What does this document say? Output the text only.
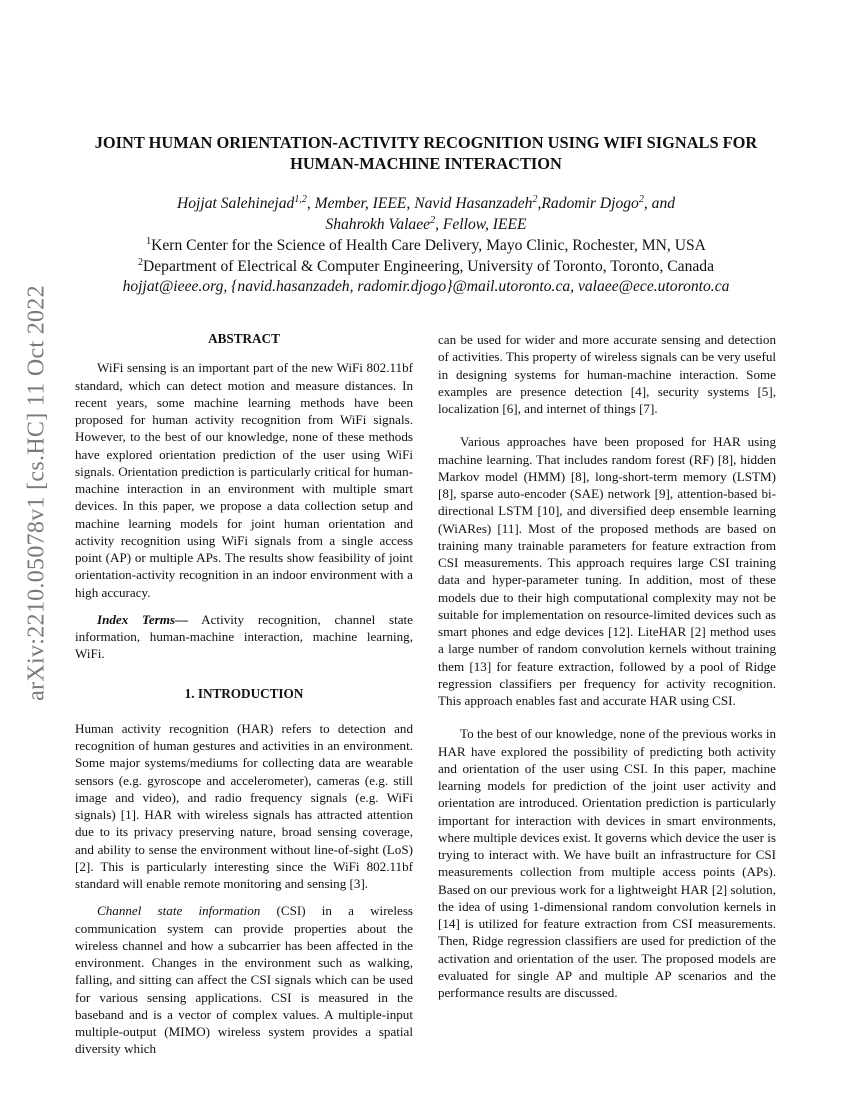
arXiv:2210.05078v1 [cs.HC] 11 Oct 2022
JOINT HUMAN ORIENTATION-ACTIVITY RECOGNITION USING WIFI SIGNALS FOR HUMAN-MACHINE INTERACTION
Hojjat Salehinejad$^{1,2}$, Member, IEEE, Navid Hasanzadeh$^2$,Radomir Djogo$^2$, and
Shahrokh Valaee$^2$, Fellow, IEEE
$^1$Kern Center for the Science of Health Care Delivery, Mayo Clinic, Rochester, MN, USA
$^2$Department of Electrical & Computer Engineering, University of Toronto, Toronto, Canada
hojjat@ieee.org, {navid.hasanzadeh, radomir.djogo}@mail.utoronto.ca, valaee@ece.utoronto.ca
ABSTRACT

WiFi sensing is an important part of the new WiFi 802.11bf standard, which can detect motion and measure distances. In recent years, some machine learning methods have been proposed for human activity recognition from WiFi signals. However, to the best of our knowledge, none of these methods have explored orientation prediction of the user using WiFi signals. Orientation prediction is particularly critical for human-machine interaction in an environment with multiple smart devices. In this paper, we propose a data collection setup and machine learning models for joint human orientation and activity recognition using WiFi signals from a single access point (AP) or multiple APs. The results show feasibility of joint orientation-activity recognition in an indoor environment with a high accuracy.

Index Terms— Activity recognition, channel state information, human-machine interaction, machine learning, WiFi.

1. INTRODUCTION

Human activity recognition (HAR) refers to detection and recognition of human gestures and activities in an environment. Some major systems/mediums for collecting data are wearable sensors (e.g. gyroscope and accelerometer), cameras (e.g. still image and video), and radio frequency signals (e.g. WiFi signals) [1]. HAR with wireless signals has attracted attention due to its privacy preserving nature, broad sensing coverage, and ability to sense the environment without line-of-sight (LoS) [2]. This is particularly interesting since the WiFi 802.11bf standard will enable remote monitoring and sensing [3].

Channel state information (CSI) in a wireless communication system can provide properties about the wireless channel and how a subcarrier has been affected in the environment. Changes in the environment such as walking, falling, and sitting can affect the CSI signals which can be used for various sensing applications. CSI is measured in the baseband and is a vector of complex values. A multiple-input multiple-output (MIMO) wireless system provides a spatial diversity which

can be used for wider and more accurate sensing and detection of activities. This property of wireless signals can be very useful in designing systems for human-machine interaction. Some examples are presence detection [4], security systems [5], localization [6], and internet of things [7].

Various approaches have been proposed for HAR using machine learning. That includes random forest (RF) [8], hidden Markov model (HMM) [8], long-short-term memory (LSTM) [8], sparse auto-encoder (SAE) network [9], attention-based bi-directional LSTM [10], and diversified deep ensemble learning (WiARes) [11]. Most of the proposed methods are based on training many trainable parameters for feature extraction from CSI measurements. This approach requires large CSI training data and hyper-parameter tuning. In addition, most of these models due to their high computational complexity may not be suitable for implementation on resource-limited devices such as smart phones and edge devices [12]. LiteHAR [2] method uses a large number of random convolution kernels without training them [13] for feature extraction, followed by a pool of Ridge regression classifiers per frequency for activity recognition. This approach enables fast and accurate HAR using CSI.

To the best of our knowledge, none of the previous works in HAR have explored the possibility of predicting both activity and orientation of the user using CSI. In this paper, machine learning models for prediction of the joint user activity and orientation are introduced. Orientation prediction is particularly important for interaction with devices in smart environments, where multiple devices exist. It governs which device the user is trying to interact with. We have built an infrastructure for CSI measurements collection from multiple access points (APs). Based on our previous work for a lightweight HAR [2] solution, the idea of using 1-dimensional random convolution kernels in [14] is utilized for feature extraction from CSI measurements. Then, Ridge regression classifiers are used for prediction of the activation and orientation of the user. The proposed models are evaluated for single AP and multiple AP scenarios and the performance results are discussed.
